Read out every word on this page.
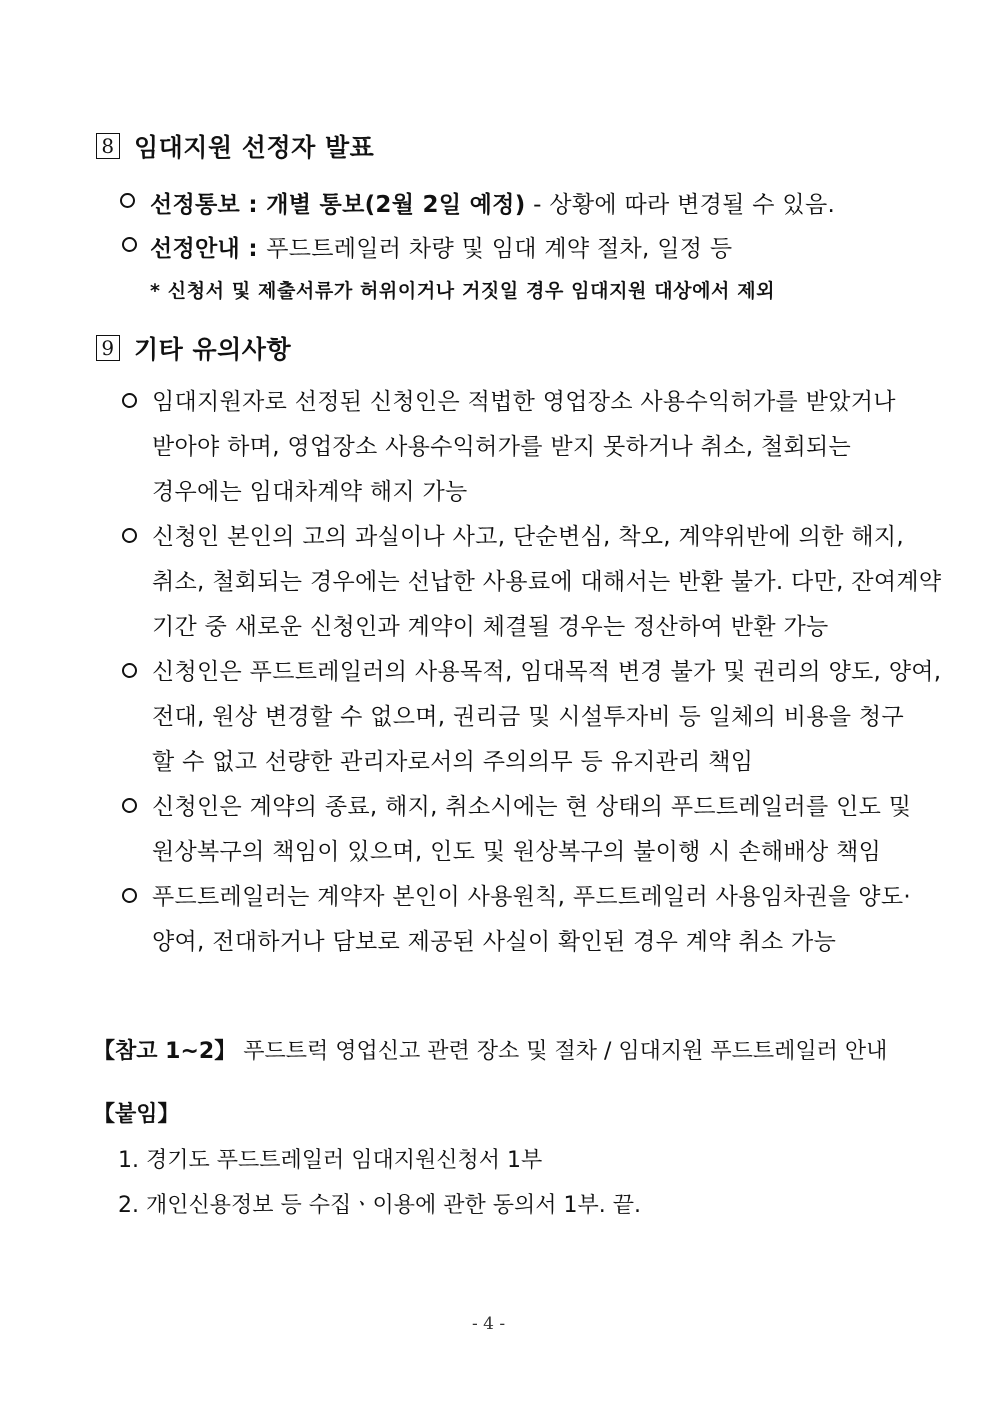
8 임대지원 선정자 발표
선정통보 : 개별 통보(2월 2일 예정) - 상황에 따라 변경될 수 있음.
선정안내 : 푸드트레일러 차량 및 임대 계약 절차, 일정 등
* 신청서 및 제출서류가 허위이거나 거짓일 경우 임대지원 대상에서 제외
9 기타 유의사항
임대지원자로 선정된 신청인은 적법한 영업장소 사용수익허가를 받았거나
받아야 하며, 영업장소 사용수익허가를 받지 못하거나 취소, 철회되는
경우에는 임대차계약 해지 가능
신청인 본인의 고의 과실이나 사고, 단순변심, 착오, 계약위반에 의한 해지,
취소, 철회되는 경우에는 선납한 사용료에 대해서는 반환 불가. 다만, 잔여계약
기간 중 새로운 신청인과 계약이 체결될 경우는 정산하여 반환 가능
신청인은 푸드트레일러의 사용목적, 임대목적 변경 불가 및 권리의 양도, 양여,
전대, 원상 변경할 수 없으며, 권리금 및 시설투자비 등 일체의 비용을 청구
할 수 없고 선량한 관리자로서의 주의의무 등 유지관리 책임
신청인은 계약의 종료, 해지, 취소시에는 현 상태의 푸드트레일러를 인도 및
원상복구의 책임이 있으며, 인도 및 원상복구의 불이행 시 손해배상 책임
푸드트레일러는 계약자 본인이 사용원칙, 푸드트레일러 사용임차권을 양도·
양여, 전대하거나 담보로 제공된 사실이 확인된 경우 계약 취소 가능
【참고 1~2】 푸드트럭 영업신고 관련 장소 및 절차 / 임대지원 푸드트레일러 안내
【붙임】
1. 경기도 푸드트레일러 임대지원신청서 1부
2. 개인신용정보 등 수집ㆍ이용에 관한 동의서 1부. 끝.
- 4 -
